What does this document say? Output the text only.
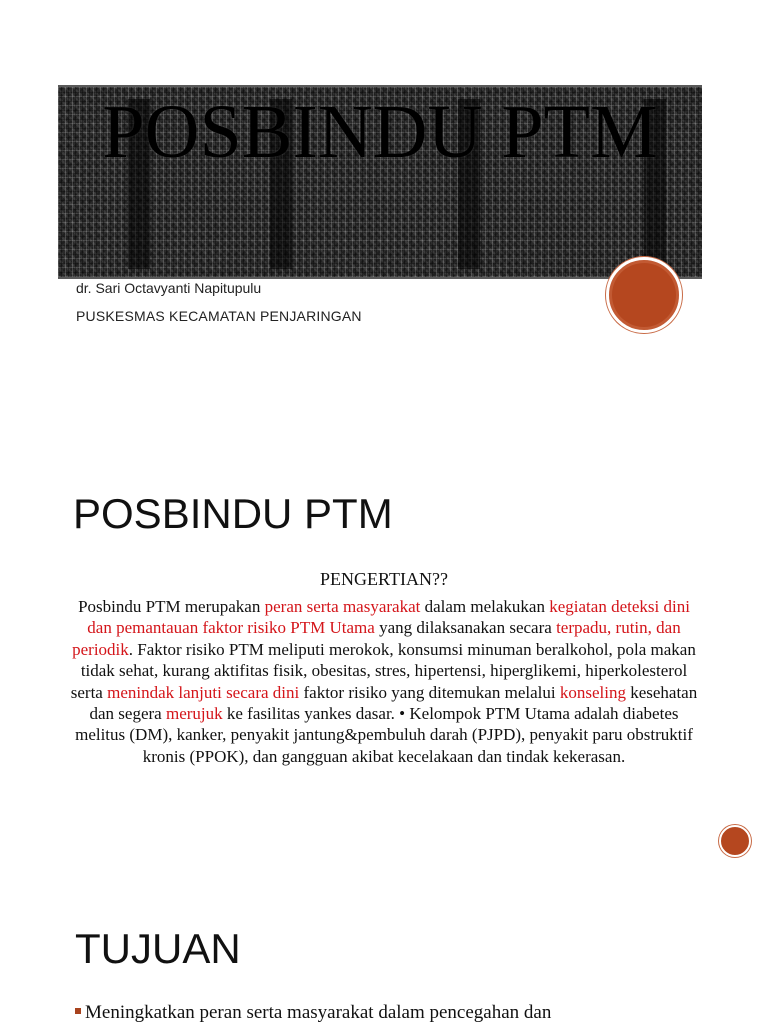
POSBINDU PTM
dr. Sari Octavyanti Napitupulu
PUSKESMAS KECAMATAN PENJARINGAN
POSBINDU PTM
PENGERTIAN??
Posbindu PTM merupakan peran serta masyarakat dalam melakukan kegiatan deteksi dini dan pemantauan faktor risiko PTM Utama yang dilaksanakan secara terpadu, rutin, dan periodik. Faktor risiko PTM meliputi merokok, konsumsi minuman beralkohol, pola makan tidak sehat, kurang aktifitas fisik, obesitas, stres, hipertensi, hiperglikemi, hiperkolesterol serta menindak lanjuti secara dini faktor risiko yang ditemukan melalui konseling kesehatan dan segera merujuk ke fasilitas yankes dasar. • Kelompok PTM Utama adalah diabetes melitus (DM), kanker, penyakit jantung&pembuluh darah (PJPD), penyakit paru obstruktif kronis (PPOK), dan gangguan akibat kecelakaan dan tindak kekerasan.
TUJUAN
Meningkatkan peran serta masyarakat dalam pencegahan dan
